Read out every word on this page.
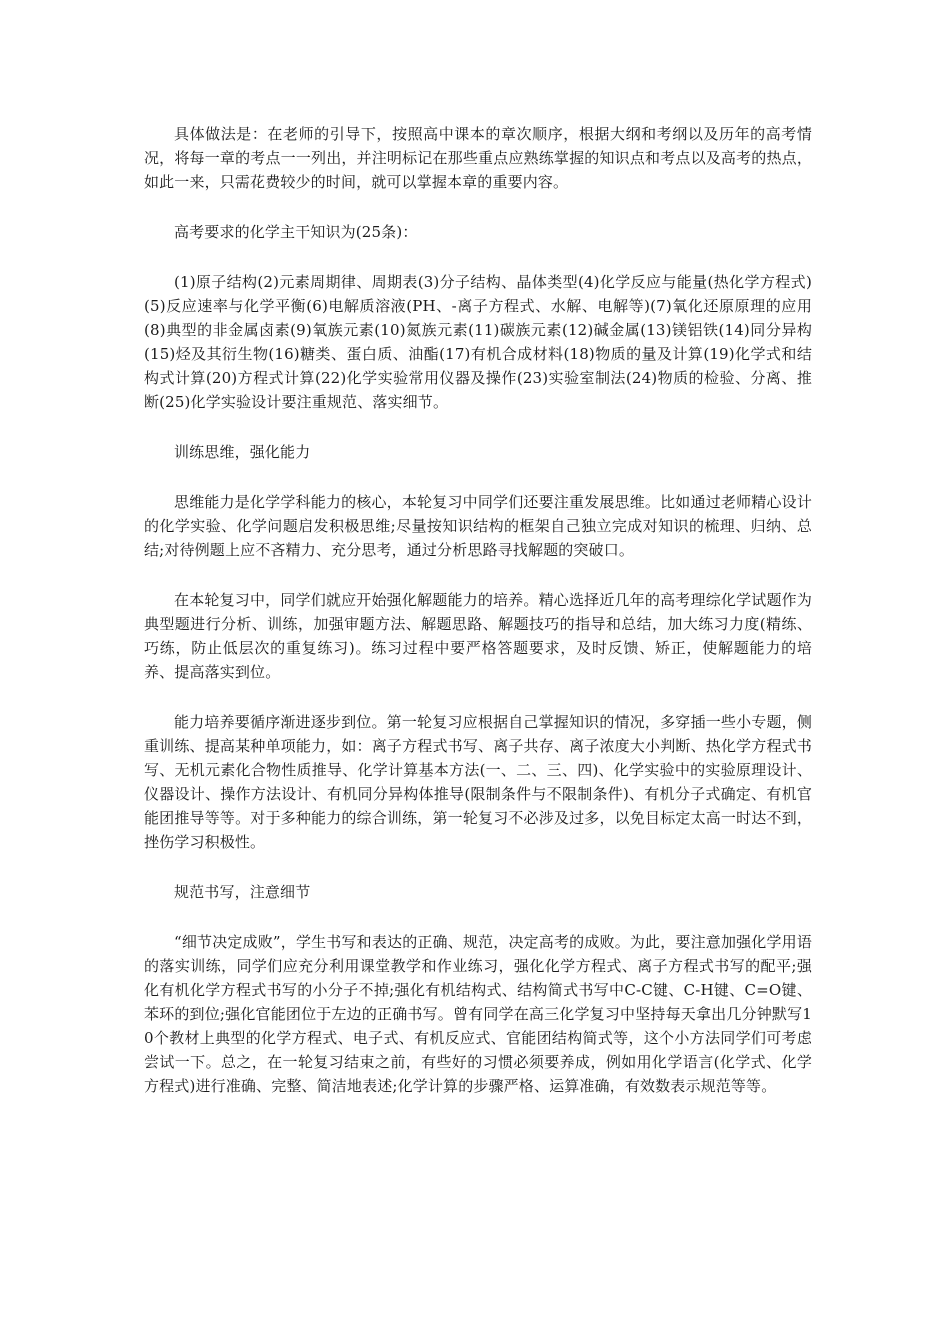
具体做法是：在老师的引导下，按照高中课本的章次顺序，根据大纲和考纲以及历年的高考情况，将每一章的考点一一列出，并注明标记在那些重点应熟练掌握的知识点和考点以及高考的热点，如此一来，只需花费较少的时间，就可以掌握本章的重要内容。

高考要求的化学主干知识为(25条)：

(1)原子结构(2)元素周期律、周期表(3)分子结构、晶体类型(4)化学反应与能量(热化学方程式)(5)反应速率与化学平衡(6)电解质溶液(PH、-离子方程式、水解、电解等)(7)氧化还原原理的应用(8)典型的非金属卤素(9)氧族元素(10)氮族元素(11)碳族元素(12)碱金属(13)镁铝铁(14)同分异构(15)烃及其衍生物(16)糖类、蛋白质、油酯(17)有机合成材料(18)物质的量及计算(19)化学式和结构式计算(20)方程式计算(22)化学实验常用仪器及操作(23)实验室制法(24)物质的检验、分离、推断(25)化学实验设计要注重规范、落实细节。

训练思维，强化能力

思维能力是化学学科能力的核心，本轮复习中同学们还要注重发展思维。比如通过老师精心设计的化学实验、化学问题启发积极思维;尽量按知识结构的框架自己独立完成对知识的梳理、归纳、总结;对待例题上应不吝精力、充分思考，通过分析思路寻找解题的突破口。

在本轮复习中，同学们就应开始强化解题能力的培养。精心选择近几年的高考理综化学试题作为典型题进行分析、训练，加强审题方法、解题思路、解题技巧的指导和总结，加大练习力度(精练、巧练，防止低层次的重复练习)。练习过程中要严格答题要求，及时反馈、矫正，使解题能力的培养、提高落实到位。

能力培养要循序渐进逐步到位。第一轮复习应根据自己掌握知识的情况，多穿插一些小专题，侧重训练、提高某种单项能力，如：离子方程式书写、离子共存、离子浓度大小判断、热化学方程式书写、无机元素化合物性质推导、化学计算基本方法(一、二、三、四)、化学实验中的实验原理设计、仪器设计、操作方法设计、有机同分异构体推导(限制条件与不限制条件)、有机分子式确定、有机官能团推导等等。对于多种能力的综合训练，第一轮复习不必涉及过多，以免目标定太高一时达不到，挫伤学习积极性。

规范书写，注意细节

“细节决定成败”，学生书写和表达的正确、规范，决定高考的成败。为此，要注意加强化学用语的落实训练，同学们应充分利用课堂教学和作业练习，强化化学方程式、离子方程式书写的配平;强化有机化学方程式书写的小分子不掉;强化有机结构式、结构简式书写中C-C键、C-H键、C=O键、苯环的到位;强化官能团位于左边的正确书写。曾有同学在高三化学复习中坚持每天拿出几分钟默写10个教材上典型的化学方程式、电子式、有机反应式、官能团结构简式等，这个小方法同学们可考虑尝试一下。总之，在一轮复习结束之前，有些好的习惯必须要养成，例如用化学语言(化学式、化学方程式)进行准确、完整、简洁地表述;化学计算的步骤严格、运算准确，有效数表示规范等等。
